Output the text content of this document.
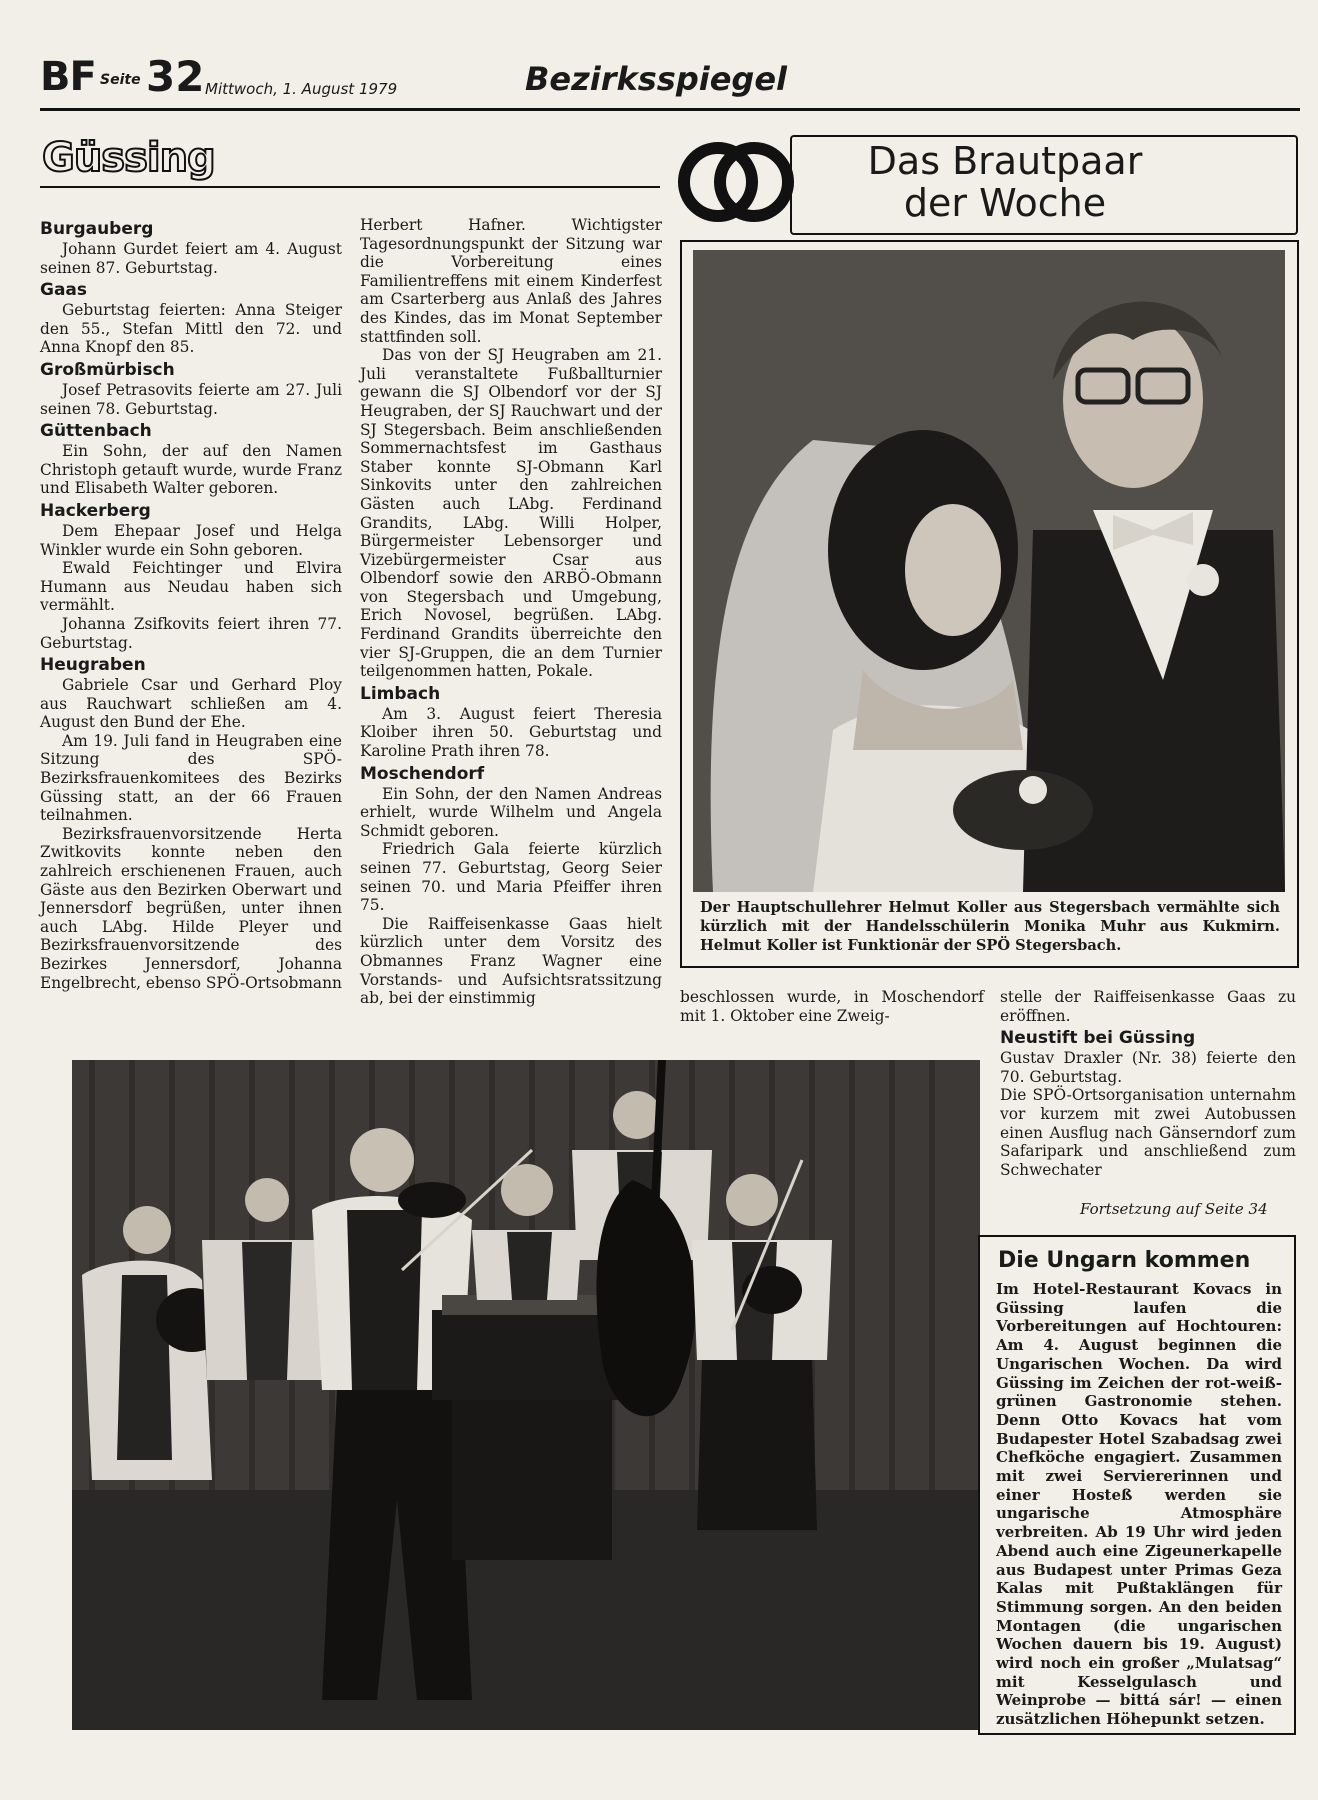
BF Seite 32 Mittwoch, 1. August 1979	Bezirksspiegel
Güssing
Burgauberg

Johann Gurdet feiert am 4. August seinen 87. Geburtstag.

Gaas

Geburtstag feierten: Anna Steiger den 55., Stefan Mittl den 72. und Anna Knopf den 85.

Großmürbisch

Josef Petrasovits feierte am 27. Juli seinen 78. Geburtstag.

Güttenbach

Ein Sohn, der auf den Namen Christoph getauft wurde, wurde Franz und Elisabeth Walter geboren.

Hackerberg

Dem Ehepaar Josef und Helga Winkler wurde ein Sohn geboren.

Ewald Feichtinger und Elvira Humann aus Neudau haben sich vermählt.

Johanna Zsifkovits feiert ihren 77. Geburtstag.

Heugraben

Gabriele Csar und Gerhard Ploy aus Rauchwart schließen am 4. August den Bund der Ehe.

Am 19. Juli fand in Heugraben eine Sitzung des SPÖ-Bezirksfrauenkomitees des Bezirks Güssing statt, an der 66 Frauen teilnahmen.

Bezirksfrauenvorsitzende Herta Zwitkovits konnte neben den zahlreich erschienenen Frauen, auch Gäste aus den Bezirken Oberwart und Jennersdorf begrüßen, unter ihnen auch LAbg. Hilde Pleyer und Bezirksfrauenvorsitzende des Bezirkes Jennersdorf, Johanna Engelbrecht, ebenso SPÖ-Ortsobmann

Herbert Hafner. Wichtigster Tagesordnungspunkt der Sitzung war die Vorbereitung eines Familientreffens mit einem Kinderfest am Csarterberg aus Anlaß des Jahres des Kindes, das im Monat September stattfinden soll.

Das von der SJ Heugraben am 21. Juli veranstaltete Fußballturnier gewann die SJ Olbendorf vor der SJ Heugraben, der SJ Rauchwart und der SJ Stegersbach. Beim anschließenden Sommernachtsfest im Gasthaus Staber konnte SJ-Obmann Karl Sinkovits unter den zahlreichen Gästen auch LAbg. Ferdinand Grandits, LAbg. Willi Holper, Bürgermeister Lebensorger und Vizebürgermeister Csar aus Olbendorf sowie den ARBÖ-Obmann von Stegersbach und Umgebung, Erich Novosel, begrüßen. LAbg. Ferdinand Grandits überreichte den vier SJ-Gruppen, die an dem Turnier teilgenommen hatten, Pokale.

Limbach

Am 3. August feiert Theresia Kloiber ihren 50. Geburtstag und Karoline Prath ihren 78.

Moschendorf

Ein Sohn, der den Namen Andreas erhielt, wurde Wilhelm und Angela Schmidt geboren.

Friedrich Gala feierte kürzlich seinen 77. Geburtstag, Georg Seier seinen 70. und Maria Pfeiffer ihren 75.

Die Raiffeisenkasse Gaas hielt kürzlich unter dem Vorsitz des Obmannes Franz Wagner eine Vorstands- und Aufsichtsratssitzung ab, bei der einstimmig	beschlossen wurde, in Moschendorf mit 1. Oktober eine Zweig-

stelle der Raiffeisenkasse Gaas zu eröffnen.

Neustift bei Güssing

Gustav Draxler (Nr. 38) feierte den 70. Geburtstag.

Die SPÖ-Ortsorganisation unternahm vor kurzem mit zwei Autobussen einen Ausflug nach Gänserndorf zum Safaripark und anschließend zum Schwechater

Das Brautpaar
der Woche
Der Hauptschullehrer Helmut Koller aus Stegersbach vermählte sich kürzlich mit der Handelsschülerin Monika Muhr aus Kukmirn. Helmut Koller ist Funktionär der SPÖ Stegersbach.
Fortsetzung auf Seite 34
Die Ungarn kommen

Im Hotel-Restaurant Kovacs in Güssing laufen die Vorbereitungen auf Hochtouren: Am 4. August beginnen die Ungarischen Wochen. Da wird Güssing im Zeichen der rot-weiß-grünen Gastronomie stehen. Denn Otto Kovacs hat vom Budapester Hotel Szabadsag zwei Chefköche engagiert. Zusammen mit zwei Serviererinnen und einer Hosteß werden sie ungarische Atmosphäre verbreiten. Ab 19 Uhr wird jeden Abend auch eine Zigeunerkapelle aus Budapest unter Primas Geza Kalas mit Pußtaklängen für Stimmung sorgen. An den beiden Montagen (die ungarischen Wochen dauern bis 19. August) wird noch ein großer „Mulatsag“ mit Kesselgulasch und Weinprobe — bittá sár! — einen zusätzlichen Höhepunkt setzen.
